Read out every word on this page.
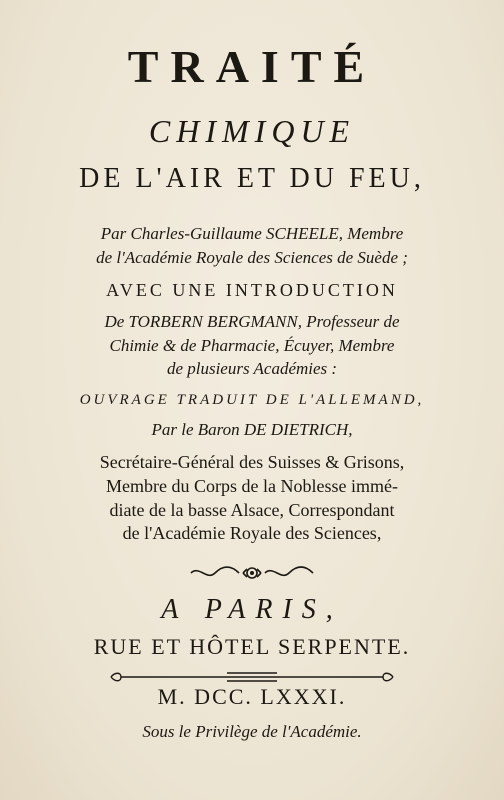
TRAITÉ
CHIMIQUE
DE L'AIR ET DU FEU,
Par Charles-Guillaume SCHEELE, Membre
de l'Académie Royale des Sciences de Suède ;
AVEC UNE INTRODUCTION
De TORBERN BERGMANN, Professeur de
Chimie & de Pharmacie, Écuyer, Membre
de plusieurs Académies :
OUVRAGE TRADUIT DE L'ALLEMAND,
Par le Baron DE DIETRICH,
Secrétaire-Général des Suisses & Grisons,
Membre du Corps de la Noblesse immé-
diate de la basse Alsace, Correspondant
de l'Académie Royale des Sciences,
A PARIS,
RUE ET HÔTEL SERPENTE.
M. DCC. LXXXI.
Sous le Privilège de l'Académie.
